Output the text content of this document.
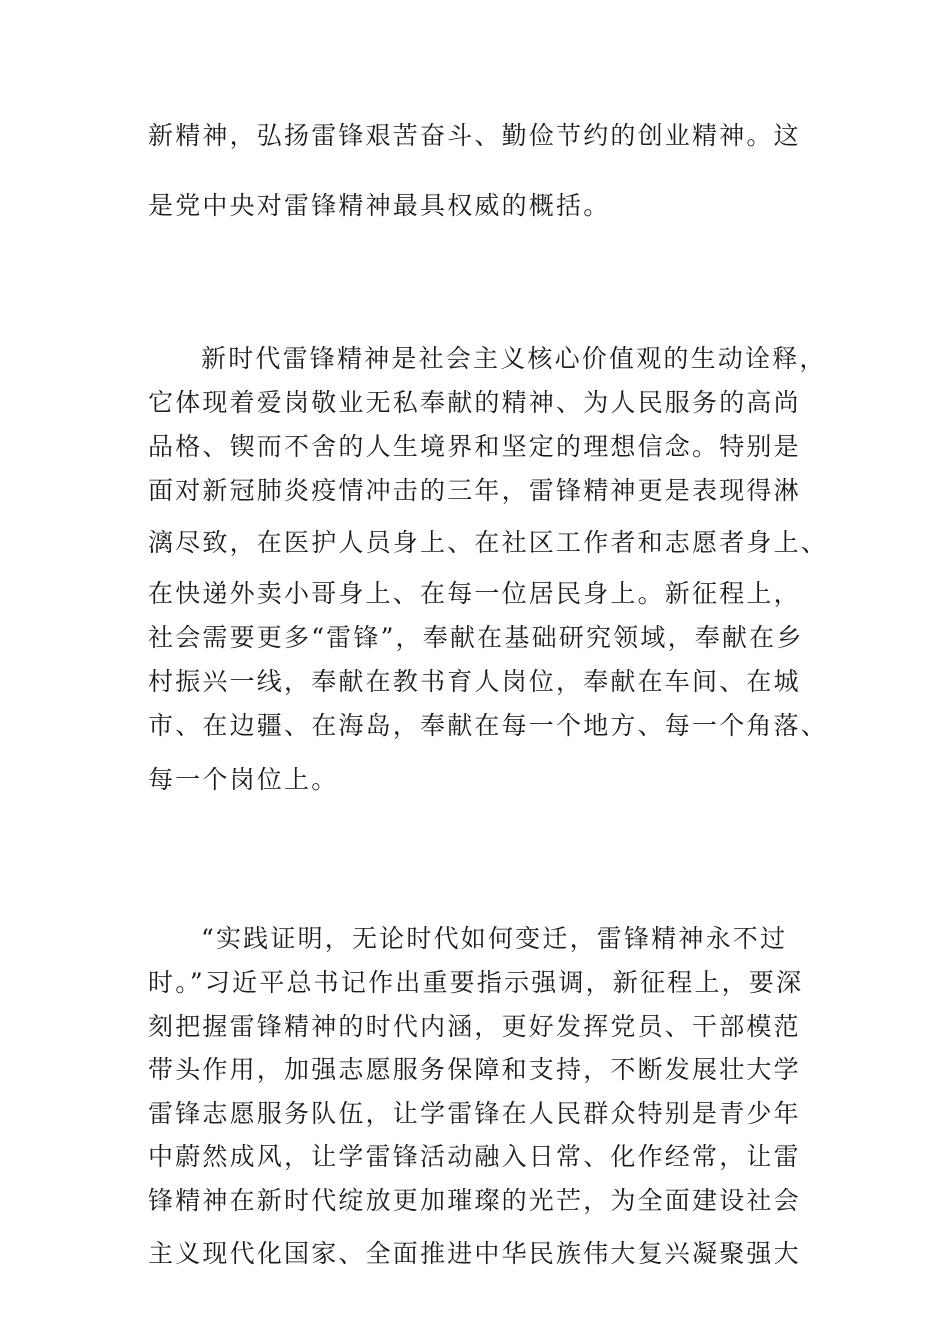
新精神，弘扬雷锋艰苦奋斗、勤俭节约的创业精神。这
是党中央对雷锋精神最具权威的概括。
新时代雷锋精神是社会主义核心价值观的生动诠释，
它体现着爱岗敬业无私奉献的精神、为人民服务的高尚
品格、锲而不舍的人生境界和坚定的理想信念。特别是
面对新冠肺炎疫情冲击的三年，雷锋精神更是表现得淋
漓尽致，在医护人员身上、在社区工作者和志愿者身上、
在快递外卖小哥身上、在每一位居民身上。新征程上，
社会需要更多“雷锋”，奉献在基础研究领域，奉献在乡
村振兴一线，奉献在教书育人岗位，奉献在车间、在城
市、在边疆、在海岛，奉献在每一个地方、每一个角落、
每一个岗位上。
“实践证明，无论时代如何变迁，雷锋精神永不过
时。”习近平总书记作出重要指示强调，新征程上，要深
刻把握雷锋精神的时代内涵，更好发挥党员、干部模范
带头作用，加强志愿服务保障和支持，不断发展壮大学
雷锋志愿服务队伍，让学雷锋在人民群众特别是青少年
中蔚然成风，让学雷锋活动融入日常、化作经常，让雷
锋精神在新时代绽放更加璀璨的光芒，为全面建设社会
主义现代化国家、全面推进中华民族伟大复兴凝聚强大
